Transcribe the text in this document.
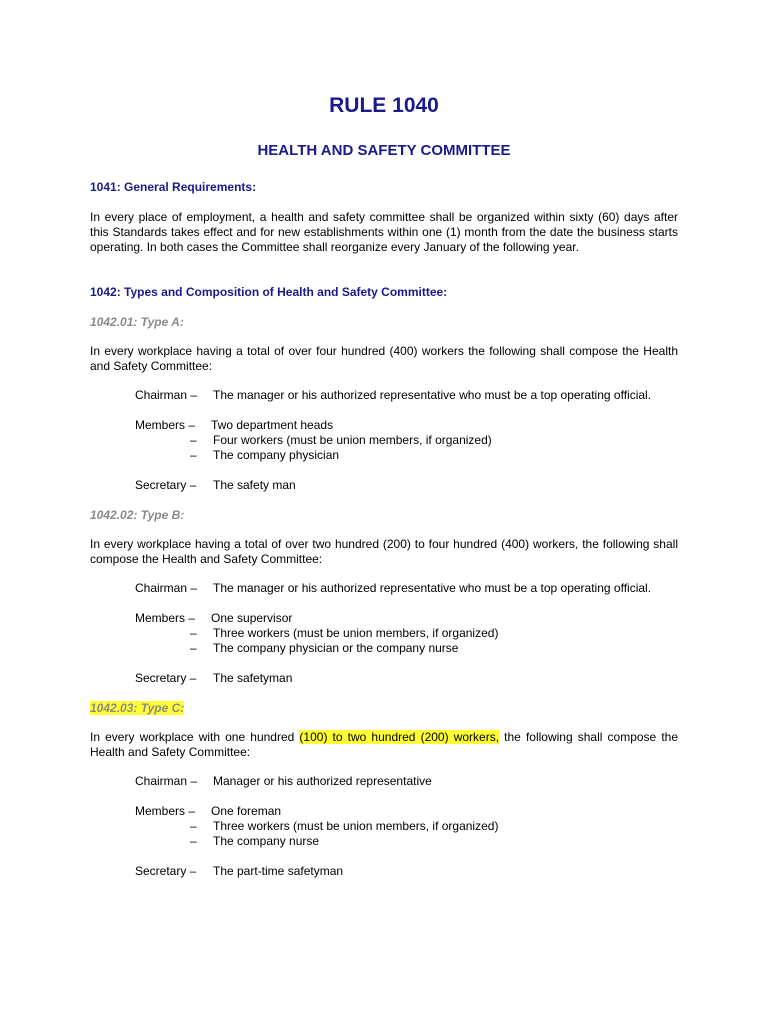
RULE 1040
HEALTH AND SAFETY COMMITTEE
1041: General Requirements:
In every place of employment, a health and safety committee shall be organized within sixty (60) days after this Standards takes effect and for new establishments within one (1) month from the date the business starts operating. In both cases the Committee shall reorganize every January of the following year.
1042: Types and Composition of Health and Safety Committee:
1042.01: Type A:
In every workplace having a total of over four hundred (400) workers the following shall compose the Health and Safety Committee:
Chairman – The manager or his authorized representative who must be a top operating official.
Members – Two department heads
– Four workers (must be union members, if organized)
– The company physician
Secretary – The safety man
1042.02: Type B:
In every workplace having a total of over two hundred (200) to four hundred (400) workers, the following shall compose the Health and Safety Committee:
Chairman – The manager or his authorized representative who must be a top operating official.
Members – One supervisor
– Three workers (must be union members, if organized)
– The company physician or the company nurse
Secretary – The safetyman
1042.03: Type C:
In every workplace with one hundred (100) to two hundred (200) workers, the following shall compose the Health and Safety Committee:
Chairman – Manager or his authorized representative
Members – One foreman
– Three workers (must be union members, if organized)
– The company nurse
Secretary – The part-time safetyman
